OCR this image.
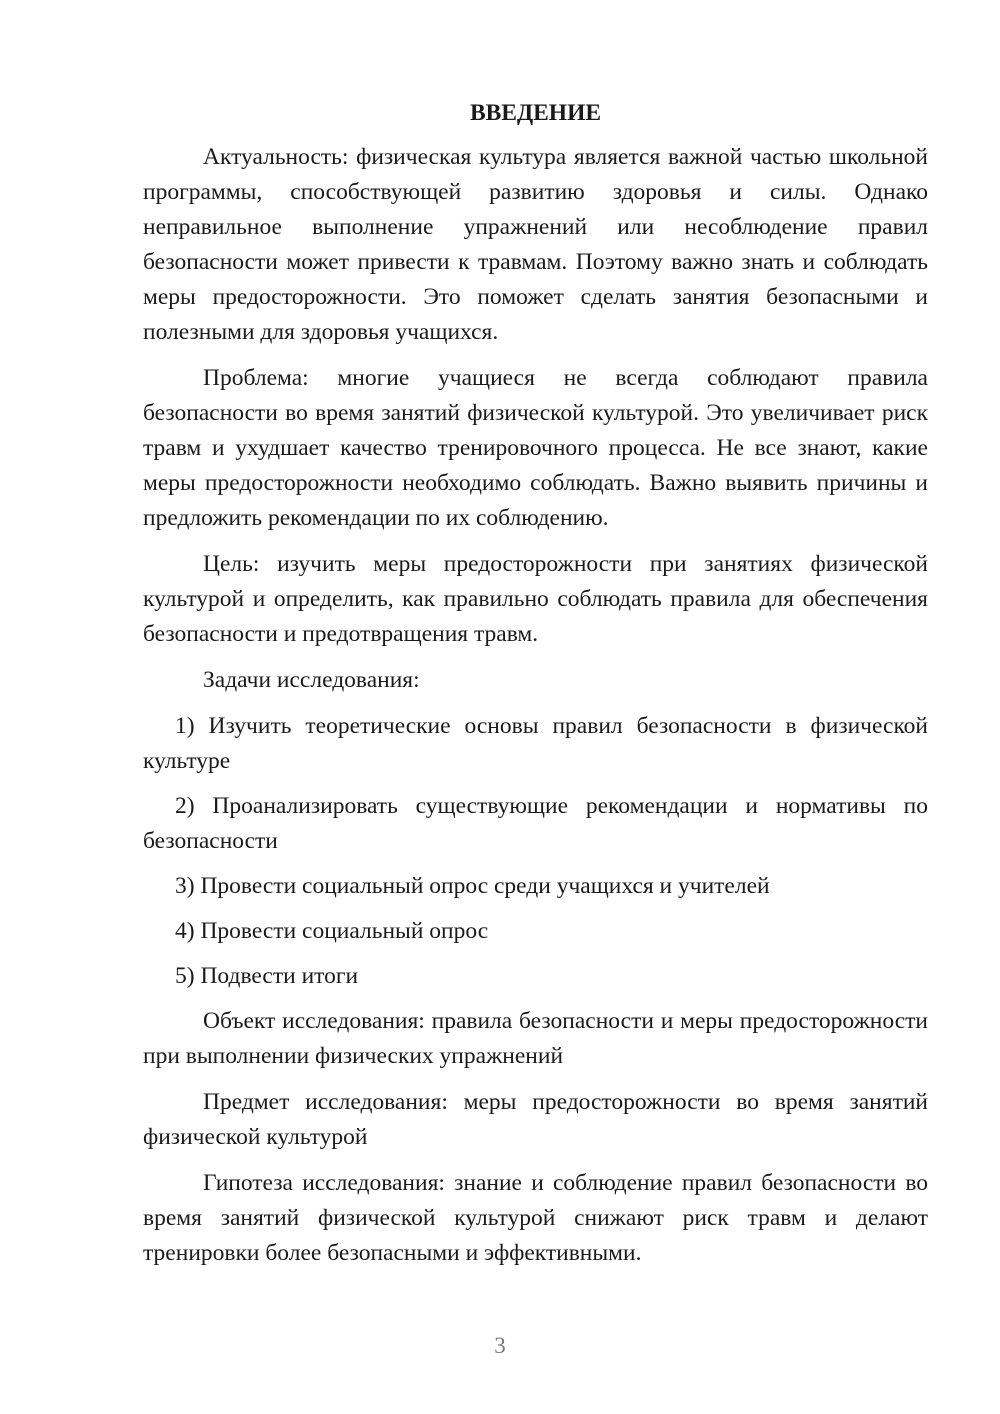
ВВЕДЕНИЕ

Актуальность: физическая культура является важной частью школьной программы, способствующей развитию здоровья и силы. Однако неправильное выполнение упражнений или несоблюдение правил безопасности может привести к травмам. Поэтому важно знать и соблюдать меры предосторожности. Это поможет сделать занятия безопасными и полезными для здоровья учащихся.

Проблема: многие учащиеся не всегда соблюдают правила безопасности во время занятий физической культурой. Это увеличивает риск травм и ухудшает качество тренировочного процесса. Не все знают, какие меры предосторожности необходимо соблюдать. Важно выявить причины и предложить рекомендации по их соблюдению.

Цель: изучить меры предосторожности при занятиях физической культурой и определить, как правильно соблюдать правила для обеспечения безопасности и предотвращения травм.

Задачи исследования:

1) Изучить теоретические основы правил безопасности в физической культуре

2) Проанализировать существующие рекомендации и нормативы по безопасности

3) Провести социальный опрос среди учащихся и учителей

4) Провести социальный опрос

5) Подвести итоги

Объект исследования: правила безопасности и меры предосторожности при выполнении физических упражнений

Предмет исследования: меры предосторожности во время занятий физической культурой

Гипотеза исследования: знание и соблюдение правил безопасности во время занятий физической культурой снижают риск травм и делают тренировки более безопасными и эффективными.

3
